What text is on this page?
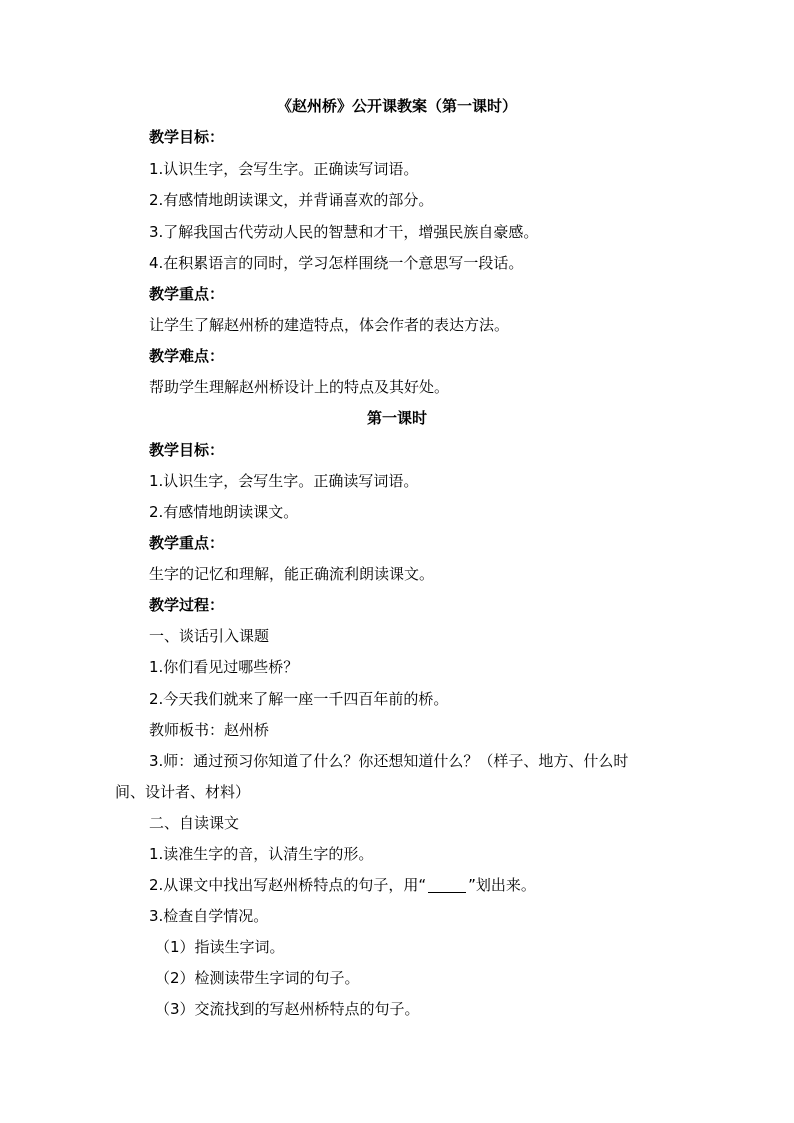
《赵州桥》公开课教案（第一课时）
教学目标：
1.认识生字，会写生字。正确读写词语。
2.有感情地朗读课文，并背诵喜欢的部分。
3.了解我国古代劳动人民的智慧和才干，增强民族自豪感。
4.在积累语言的同时，学习怎样围绕一个意思写一段话。
教学重点：
让学生了解赵州桥的建造特点，体会作者的表达方法。
教学难点：
帮助学生理解赵州桥设计上的特点及其好处。
第一课时
教学目标：
1.认识生字，会写生字。正确读写词语。
2.有感情地朗读课文。
教学重点：
生字的记忆和理解，能正确流利朗读课文。
教学过程：
一、谈话引入课题
1.你们看见过哪些桥？
2.今天我们就来了解一座一千四百年前的桥。
教师板书：赵州桥
3.师：通过预习你知道了什么？你还想知道什么？（样子、地方、什么时
间、设计者、材料）
二、自读课文
1.读准生字的音，认清生字的形。
2.从课文中找出写赵州桥特点的句子，用“	”划出来。
3.检查自学情况。
（1）指读生字词。
（2）检测读带生字词的句子。
（3）交流找到的写赵州桥特点的句子。
